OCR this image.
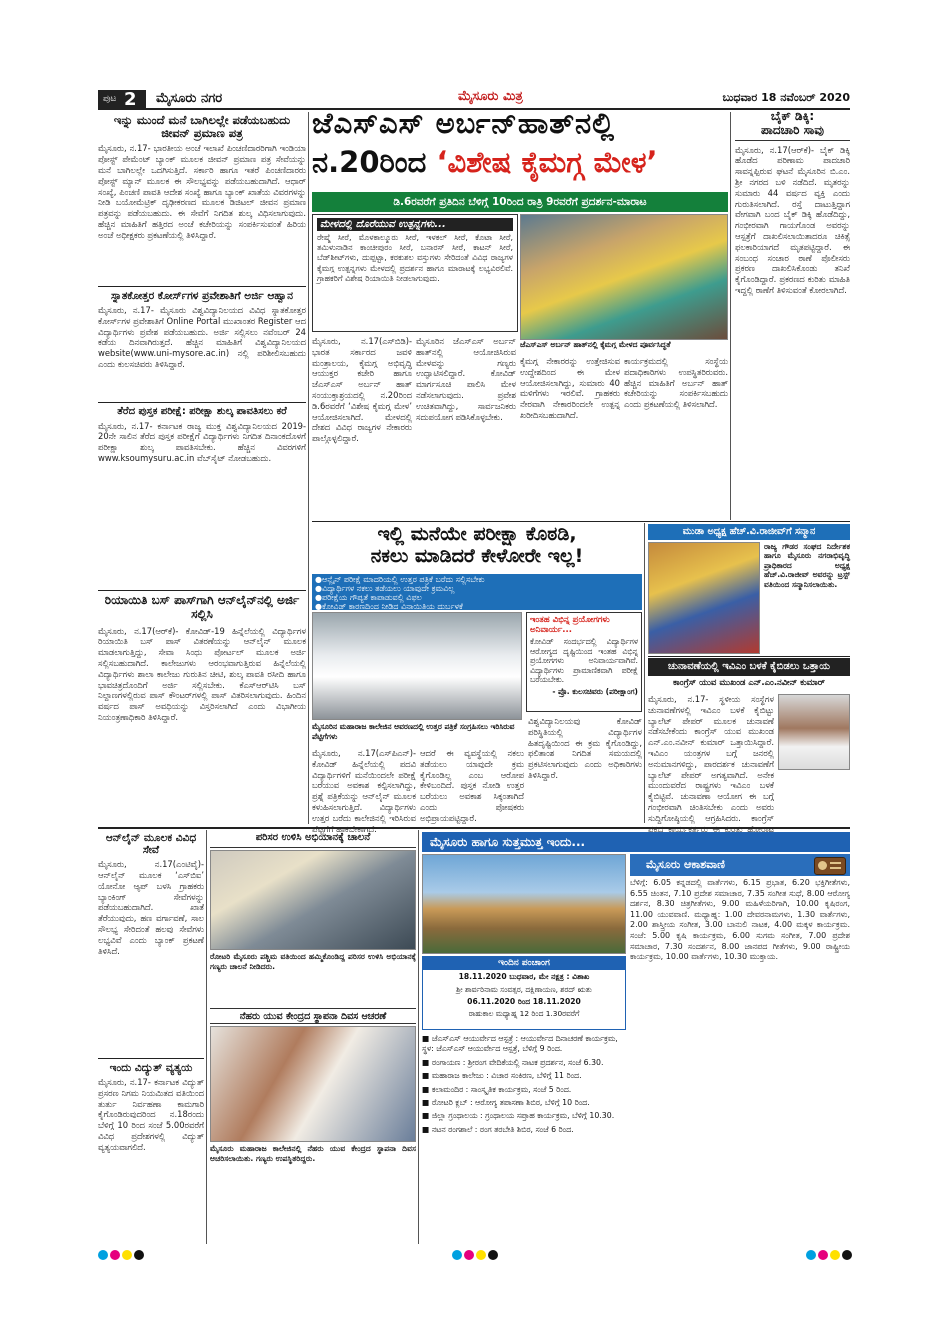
ಪುಟ 2 ಮೈಸೂರು ನಗರ	ಮೈಸೂರು ಮಿತ್ರ	ಬುಧವಾರ 18 ನವೆಂಬರ್ 2020
ಇನ್ನು ಮುಂದೆ ಮನೆ ಬಾಗಿಲಲ್ಲೇ ಪಡೆಯಬಹುದು ಜೀವನ್ ಪ್ರಮಾಣ ಪತ್ರ
ಮೈಸೂರು, ನ.17- ಭಾರತೀಯ ಅಂಚೆ ಇಲಾಖೆ ಪಿಂಚಣಿದಾರರಿಗಾಗಿ ಇಂಡಿಯಾ ಪೋಸ್ಟ್ ಪೇಮೆಂಟ್ ಬ್ಯಾಂಕ್ ಮೂಲಕ ಜೀವನ್ ಪ್ರಮಾಣ ಪತ್ರ ಸೇವೆಯನ್ನು ಮನೆ ಬಾಗಿಲಲ್ಲೇ ಒದಗಿಸುತ್ತಿದೆ. ಸರ್ಕಾರಿ ಹಾಗೂ ಇತರೆ ಪಿಂಚಣಿದಾರರು ಪೋಸ್ಟ್ ಮ್ಯಾನ್ ಮೂಲಕ ಈ ಸೌಲಭ್ಯವನ್ನು ಪಡೆಯಬಹುದಾಗಿದೆ. ಆಧಾರ್ ಸಂಖ್ಯೆ, ಪಿಂಚಣಿ ಪಾವತಿ ಆದೇಶ ಸಂಖ್ಯೆ ಹಾಗೂ ಬ್ಯಾಂಕ್ ಖಾತೆಯ ವಿವರಗಳನ್ನು ನೀಡಿ ಬಯೋಮೆಟ್ರಿಕ್ ದೃಢೀಕರಣದ ಮೂಲಕ ಡಿಜಿಟಲ್ ಜೀವನ ಪ್ರಮಾಣ ಪತ್ರವನ್ನು ಪಡೆಯಬಹುದು. ಈ ಸೇವೆಗೆ ನಿಗದಿತ ಶುಲ್ಕ ವಿಧಿಸಲಾಗುವುದು. ಹೆಚ್ಚಿನ ಮಾಹಿತಿಗೆ ಹತ್ತಿರದ ಅಂಚೆ ಕಚೇರಿಯನ್ನು ಸಂಪರ್ಕಿಸುವಂತೆ ಹಿರಿಯ ಅಂಚೆ ಅಧೀಕ್ಷಕರು ಪ್ರಕಟಣೆಯಲ್ಲಿ ತಿಳಿಸಿದ್ದಾರೆ.
ಸ್ನಾತಕೋತ್ತರ ಕೋರ್ಸ್‌ಗಳ ಪ್ರವೇಶಾತಿಗೆ ಅರ್ಜಿ ಆಹ್ವಾನ
ಮೈಸೂರು, ನ.17- ಮೈಸೂರು ವಿಶ್ವವಿದ್ಯಾನಿಲಯದ ವಿವಿಧ ಸ್ನಾತಕೋತ್ತರ ಕೋರ್ಸ್‌ಗಳ ಪ್ರವೇಶಾತಿಗೆ Online Portal ಮುಖಾಂತರ Register ಆದ ವಿದ್ಯಾರ್ಥಿಗಳು ಪ್ರವೇಶ ಪಡೆಯಬಹುದು. ಅರ್ಜಿ ಸಲ್ಲಿಸಲು ನವೆಂಬರ್ 24 ಕಡೆಯ ದಿನವಾಗಿರುತ್ತದೆ. ಹೆಚ್ಚಿನ ಮಾಹಿತಿಗೆ ವಿಶ್ವವಿದ್ಯಾನಿಲಯದ website(www.uni-mysore.ac.in) ನಲ್ಲಿ ಪರಿಶೀಲಿಸಬಹುದು ಎಂದು ಕುಲಸಚಿವರು ತಿಳಿಸಿದ್ದಾರೆ.
ತೆರೆದ ಪುಸ್ತಕ ಪರೀಕ್ಷೆ: ಪರೀಕ್ಷಾ ಶುಲ್ಕ ಪಾವತಿಸಲು ಕರೆ
ಮೈಸೂರು, ನ.17- ಕರ್ನಾಟಕ ರಾಜ್ಯ ಮುಕ್ತ ವಿಶ್ವವಿದ್ಯಾನಿಲಯದ 2019-20ನೇ ಸಾಲಿನ ತೆರೆದ ಪುಸ್ತಕ ಪರೀಕ್ಷೆಗೆ ವಿದ್ಯಾರ್ಥಿಗಳು ನಿಗದಿತ ದಿನಾಂಕದೊಳಗೆ ಪರೀಕ್ಷಾ ಶುಲ್ಕ ಪಾವತಿಸಬೇಕು. ಹೆಚ್ಚಿನ ವಿವರಗಳಿಗೆ www.ksoumysuru.ac.in ವೆಬ್‌ಸೈಟ್ ನೋಡಬಹುದು.
ರಿಯಾಯಿತಿ ಬಸ್ ಪಾಸ್‌ಗಾಗಿ ಆನ್‌ಲೈನ್‌ನಲ್ಲಿ ಅರ್ಜಿ ಸಲ್ಲಿಸಿ
ಮೈಸೂರು, ನ.17(ಆರ್‌ಕೆ)- ಕೋವಿಡ್-19 ಹಿನ್ನೆಲೆಯಲ್ಲಿ ವಿದ್ಯಾರ್ಥಿಗಳ ರಿಯಾಯಿತಿ ಬಸ್ ಪಾಸ್ ವಿತರಣೆಯನ್ನು ಆನ್‌ಲೈನ್ ಮೂಲಕ ಮಾಡಲಾಗುತ್ತಿದ್ದು, ಸೇವಾ ಸಿಂಧು ಪೋರ್ಟಲ್ ಮೂಲಕ ಅರ್ಜಿ ಸಲ್ಲಿಸಬಹುದಾಗಿದೆ. ಕಾಲೇಜುಗಳು ಆರಂಭವಾಗುತ್ತಿರುವ ಹಿನ್ನೆಲೆಯಲ್ಲಿ ವಿದ್ಯಾರ್ಥಿಗಳು ಶಾಲಾ ಕಾಲೇಜು ಗುರುತಿನ ಚೀಟಿ, ಶುಲ್ಕ ಪಾವತಿ ರಸೀದಿ ಹಾಗೂ ಭಾವಚಿತ್ರದೊಂದಿಗೆ ಅರ್ಜಿ ಸಲ್ಲಿಸಬೇಕು. ಕೆಎಸ್‌ಆರ್‌ಟಿಸಿ ಬಸ್ ನಿಲ್ದಾಣಗಳಲ್ಲಿರುವ ಪಾಸ್ ಕೌಂಟರ್‌ಗಳಲ್ಲಿ ಪಾಸ್ ವಿತರಿಸಲಾಗುವುದು. ಹಿಂದಿನ ವರ್ಷದ ಪಾಸ್ ಅವಧಿಯನ್ನು ವಿಸ್ತರಿಸಲಾಗಿದೆ ಎಂದು ವಿಭಾಗೀಯ ನಿಯಂತ್ರಣಾಧಿಕಾರಿ ತಿಳಿಸಿದ್ದಾರೆ.
ಜೆಎಸ್ಎಸ್ ಅರ್ಬನ್‌ಹಾತ್‌ನಲ್ಲಿ
ನ.20ರಿಂದ ‘ವಿಶೇಷ ಕೈಮಗ್ಗ ಮೇಳ’
ಡಿ.6ರವರೆಗೆ ಪ್ರತಿದಿನ ಬೆಳಿಗ್ಗೆ 10ರಿಂದ ರಾತ್ರಿ 9ರವರೆಗೆ ಪ್ರದರ್ಶನ-ಮಾರಾಟ
ಮೇಳದಲ್ಲಿ ದೊರೆಯುವ ಉತ್ಪನ್ನಗಳು...
ರೇಷ್ಮೆ ಸೀರೆ, ಮೊಳಕಾಲ್ಮೂರು ಸೀರೆ, ಇಳಕಲ್ ಸೀರೆ, ಕೊಟಾ ಸೀರೆ, ತಮಿಳುನಾಡಿನ ಕಾಂಚೀಪುರಂ ಸೀರೆ, ಬನಾರಸ್ ಸೀರೆ, ಕಾಟನ್ ಸೀರೆ, ಬೆಡ್‌ಶೀಟ್‌ಗಳು, ದುಪ್ಪಟ್ಟಾ, ಕರಕುಶಲ ವಸ್ತುಗಳು ಸೇರಿದಂತೆ ವಿವಿಧ ರಾಜ್ಯಗಳ ಕೈಮಗ್ಗ ಉತ್ಪನ್ನಗಳು ಮೇಳದಲ್ಲಿ ಪ್ರದರ್ಶನ ಹಾಗೂ ಮಾರಾಟಕ್ಕೆ ಲಭ್ಯವಿರಲಿವೆ. ಗ್ರಾಹಕರಿಗೆ ವಿಶೇಷ ರಿಯಾಯಿತಿ ನೀಡಲಾಗುವುದು.
ಜೆಎಸ್‌ಎಸ್ ಅರ್ಬನ್ ಹಾತ್‌ನಲ್ಲಿ ಕೈಮಗ್ಗ ಮೇಳದ ಪೂರ್ವಸಿದ್ಧತೆ
ಮೈಸೂರು, ನ.17(ಎಸ್‌ಬಿಡಿ)- ಭಾರತ ಸರ್ಕಾರದ ಜವಳಿ ಮಂತ್ರಾಲಯ, ಕೈಮಗ್ಗ ಅಭಿವೃದ್ಧಿ ಆಯುಕ್ತರ ಕಚೇರಿ ಹಾಗೂ ಜೆಎಸ್‌ಎಸ್ ಅರ್ಬನ್ ಹಾತ್ ಸಂಯುಕ್ತಾಶ್ರಯದಲ್ಲಿ ನ.20ರಿಂದ ಡಿ.6ರವರೆಗೆ ‘ವಿಶೇಷ ಕೈಮಗ್ಗ ಮೇಳ’ ಆಯೋಜಿಸಲಾಗಿದೆ. ಮೇಳದಲ್ಲಿ ದೇಶದ ವಿವಿಧ ರಾಜ್ಯಗಳ ನೇಕಾರರು ಪಾಲ್ಗೊಳ್ಳಲಿದ್ದಾರೆ.
ಮೈಸೂರಿನ ಜೆಎಸ್‌ಎಸ್ ಅರ್ಬನ್ ಹಾತ್‌ನಲ್ಲಿ ಆಯೋಜಿಸಿರುವ ಮೇಳವನ್ನು ಗಣ್ಯರು ಉದ್ಘಾಟಿಸಲಿದ್ದಾರೆ. ಕೋವಿಡ್ ಮಾರ್ಗಸೂಚಿ ಪಾಲಿಸಿ ಮೇಳ ನಡೆಸಲಾಗುವುದು. ಪ್ರವೇಶ ಉಚಿತವಾಗಿದ್ದು, ಸಾರ್ವಜನಿಕರು ಸದುಪಯೋಗ ಪಡಿಸಿಕೊಳ್ಳಬೇಕು.
ಕೈಮಗ್ಗ ನೇಕಾರರನ್ನು ಉತ್ತೇಜಿಸುವ ಉದ್ದೇಶದಿಂದ ಈ ಮೇಳ ಆಯೋಜಿಸಲಾಗಿದ್ದು, ಸುಮಾರು 40 ಮಳಿಗೆಗಳು ಇರಲಿವೆ. ಗ್ರಾಹಕರು ನೇರವಾಗಿ ನೇಕಾರರಿಂದಲೇ ಉತ್ಪನ್ನ ಖರೀದಿಸಬಹುದಾಗಿದೆ.
ಕಾರ್ಯಕ್ರಮದಲ್ಲಿ ಸಂಸ್ಥೆಯ ಪದಾಧಿಕಾರಿಗಳು ಉಪಸ್ಥಿತರಿರುವರು. ಹೆಚ್ಚಿನ ಮಾಹಿತಿಗೆ ಅರ್ಬನ್ ಹಾತ್ ಕಚೇರಿಯನ್ನು ಸಂಪರ್ಕಿಸಬಹುದು ಎಂದು ಪ್ರಕಟಣೆಯಲ್ಲಿ ತಿಳಿಸಲಾಗಿದೆ.
ಬೈಕ್ ಡಿಕ್ಕಿ:
ಪಾದಚಾರಿ ಸಾವು
ಮೈಸೂರು, ನ.17(ಆರ್‌ಕೆ)- ಬೈಕ್ ಡಿಕ್ಕಿ ಹೊಡೆದ ಪರಿಣಾಮ ಪಾದಚಾರಿ ಸಾವನ್ನಪ್ಪಿರುವ ಘಟನೆ ಮೈಸೂರಿನ ಬಿ.ಎಂ. ಶ್ರೀ ನಗರದ ಬಳಿ ನಡೆದಿದೆ. ಮೃತರನ್ನು ಸುಮಾರು 44 ವರ್ಷದ ವ್ಯಕ್ತಿ ಎಂದು ಗುರುತಿಸಲಾಗಿದೆ. ರಸ್ತೆ ದಾಟುತ್ತಿದ್ದಾಗ ವೇಗವಾಗಿ ಬಂದ ಬೈಕ್ ಡಿಕ್ಕಿ ಹೊಡೆದಿದ್ದು, ಗಂಭೀರವಾಗಿ ಗಾಯಗೊಂಡ ಅವರನ್ನು ಆಸ್ಪತ್ರೆಗೆ ದಾಖಲಿಸಲಾಯಿತಾದರೂ ಚಿಕಿತ್ಸೆ ಫಲಕಾರಿಯಾಗದೆ ಮೃತಪಟ್ಟಿದ್ದಾರೆ. ಈ ಸಂಬಂಧ ಸಂಚಾರ ಠಾಣೆ ಪೊಲೀಸರು ಪ್ರಕರಣ ದಾಖಲಿಸಿಕೊಂಡು ತನಿಖೆ ಕೈಗೊಂಡಿದ್ದಾರೆ. ಪ್ರಕರಣದ ಕುರಿತು ಮಾಹಿತಿ ಇದ್ದಲ್ಲಿ ಠಾಣೆಗೆ ತಿಳಿಸುವಂತೆ ಕೋರಲಾಗಿದೆ.
ಇಲ್ಲಿ ಮನೆಯೇ ಪರೀಕ್ಷಾ ಕೊಠಡಿ,
ನಕಲು ಮಾಡಿದರೆ ಕೇಳೋರೇ ಇಲ್ಲ!
●ಆನ್ಲೈನ್ ಪರೀಕ್ಷೆ ಮಾದರಿಯಲ್ಲಿ ಉತ್ತರ ಪತ್ರಿಕೆ ಬರೆದು ಸಲ್ಲಿಸಬೇಕು
●ವಿದ್ಯಾರ್ಥಿಗಳ ನಕಲು ತಡೆಯಲು ಯಾವುದೇ ಕ್ರಮವಿಲ್ಲ
●ಪರೀಕ್ಷೆಯ ಗೌಪ್ಯತೆ ಕಾಪಾಡುವಲ್ಲಿ ವಿಫಲ
●ಕೋವಿಡ್ ಕಾರಣದಿಂದ ನೀಡಿದ ವಿನಾಯಿತಿಯ ದುರ್ಬಳಕೆ
ಮೈಸೂರಿನ ಮಹಾರಾಜ ಕಾಲೇಜಿನ ಆವರಣದಲ್ಲಿ ಉತ್ತರ ಪತ್ರಿಕೆ ಸಂಗ್ರಹಿಸಲು ಇರಿಸಿರುವ ಪೆಟ್ಟಿಗೆಗಳು
ಇಂತಹ ವಿಭಿನ್ನ ಪ್ರಯೋಗಗಳು ಅನಿವಾರ್ಯ...
ಕೋವಿಡ್ ಸಂದರ್ಭದಲ್ಲಿ ವಿದ್ಯಾರ್ಥಿಗಳ ಆರೋಗ್ಯದ ದೃಷ್ಟಿಯಿಂದ ಇಂತಹ ವಿಭಿನ್ನ ಪ್ರಯೋಗಗಳು ಅನಿವಾರ್ಯವಾಗಿವೆ. ವಿದ್ಯಾರ್ಥಿಗಳು ಪ್ರಾಮಾಣಿಕವಾಗಿ ಪರೀಕ್ಷೆ ಬರೆಯಬೇಕು.
- ಪ್ರೊ. ಕುಲಸಚಿವರು (ಪರೀಕ್ಷಾಂಗ)
ಮೈಸೂರು, ನ.17(ಎಸ್‌ಪಿಎನ್)- ಕೋವಿಡ್ ಹಿನ್ನೆಲೆಯಲ್ಲಿ ಪದವಿ ವಿದ್ಯಾರ್ಥಿಗಳಿಗೆ ಮನೆಯಿಂದಲೇ ಪರೀಕ್ಷೆ ಬರೆಯುವ ಅವಕಾಶ ಕಲ್ಪಿಸಲಾಗಿದ್ದು, ಪ್ರಶ್ನೆ ಪತ್ರಿಕೆಯನ್ನು ಆನ್‌ಲೈನ್ ಮೂಲಕ ಕಳುಹಿಸಲಾಗುತ್ತಿದೆ. ವಿದ್ಯಾರ್ಥಿಗಳು ಉತ್ತರ ಬರೆದು ಕಾಲೇಜಿನಲ್ಲಿ ಇರಿಸಿರುವ
ಆದರೆ ಈ ವ್ಯವಸ್ಥೆಯಲ್ಲಿ ನಕಲು ತಡೆಯಲು ಯಾವುದೇ ಕ್ರಮ ಕೈಗೊಂಡಿಲ್ಲ ಎಂಬ ಆರೋಪ ಕೇಳಿಬಂದಿದೆ. ಪುಸ್ತಕ ನೋಡಿ ಉತ್ತರ ಬರೆಯಲು ಅವಕಾಶ ಸಿಕ್ಕಂತಾಗಿದೆ ಎಂದು ಪೋಷಕರು ಅಭಿಪ್ರಾಯಪಟ್ಟಿದ್ದಾರೆ.
ವಿಶ್ವವಿದ್ಯಾನಿಲಯವು ಕೋವಿಡ್ ಪರಿಸ್ಥಿತಿಯಲ್ಲಿ ವಿದ್ಯಾರ್ಥಿಗಳ ಹಿತದೃಷ್ಟಿಯಿಂದ ಈ ಕ್ರಮ ಕೈಗೊಂಡಿದ್ದು, ಫಲಿತಾಂಶ ನಿಗದಿತ ಸಮಯದಲ್ಲಿ ಪ್ರಕಟಿಸಲಾಗುವುದು ಎಂದು ಅಧಿಕಾರಿಗಳು ತಿಳಿಸಿದ್ದಾರೆ.
ಮುಡಾ ಅಧ್ಯಕ್ಷ ಹೆಚ್.ವಿ.ರಾಜೀವ್‌ಗೆ ಸನ್ಮಾನ
ರಾಜ್ಯ ಗೌಡರ ಸಂಘದ ನಿರ್ದೇಶಕ ಹಾಗೂ ಮೈಸೂರು ನಗರಾಭಿವೃದ್ಧಿ ಪ್ರಾಧಿಕಾರದ ಅಧ್ಯಕ್ಷ ಹೆಚ್.ವಿ.ರಾಜೀವ್ ಅವರನ್ನು ಟ್ರಸ್ಟ್ ವತಿಯಿಂದ ಸನ್ಮಾನಿಸಲಾಯಿತು.
ಚುನಾವಣೆಯಲ್ಲಿ ಇವಿಎಂ ಬಳಕೆ ಕೈಬಿಡಲು ಒತ್ತಾಯ
ಕಾಂಗ್ರೆಸ್ ಯುವ ಮುಖಂಡ ಎನ್.ಎಂ.ನವೀನ್ ಕುಮಾರ್
ಮೈಸೂರು, ನ.17- ಸ್ಥಳೀಯ ಸಂಸ್ಥೆಗಳ ಚುನಾವಣೆಗಳಲ್ಲಿ ಇವಿಎಂ ಬಳಕೆ ಕೈಬಿಟ್ಟು ಬ್ಯಾಲೆಟ್ ಪೇಪರ್ ಮೂಲಕ ಚುನಾವಣೆ ನಡೆಸಬೇಕೆಂದು ಕಾಂಗ್ರೆಸ್ ಯುವ ಮುಖಂಡ ಎನ್.ಎಂ.ನವೀನ್ ಕುಮಾರ್ ಒತ್ತಾಯಿಸಿದ್ದಾರೆ. ಇವಿಎಂ ಯಂತ್ರಗಳ ಬಗ್ಗೆ ಜನರಲ್ಲಿ ಅನುಮಾನಗಳಿದ್ದು, ಪಾರದರ್ಶಕ ಚುನಾವಣೆಗೆ ಬ್ಯಾಲೆಟ್ ಪೇಪರ್ ಅಗತ್ಯವಾಗಿದೆ. ಅನೇಕ ಮುಂದುವರೆದ ರಾಷ್ಟ್ರಗಳು ಇವಿಎಂ ಬಳಕೆ ಕೈಬಿಟ್ಟಿವೆ. ಚುನಾವಣಾ ಆಯೋಗ ಈ ಬಗ್ಗೆ ಗಂಭೀರವಾಗಿ ಚಿಂತಿಸಬೇಕು ಎಂದು ಅವರು ಸುದ್ದಿಗೋಷ್ಠಿಯಲ್ಲಿ ಆಗ್ರಹಿಸಿದರು. ಕಾಂಗ್ರೆಸ್
ಆನ್‌ಲೈನ್ ಮೂಲಕ ವಿವಿಧ ಸೇವೆ
ಮೈಸೂರು, ನ.17(ಎಂಟಿವೈ)- ಆನ್‌ಲೈನ್ ಮೂಲಕ ‘ಎಸ್‌ಬಿಐ’ ಯೋನೋ ಆ್ಯಪ್ ಬಳಸಿ ಗ್ರಾಹಕರು ಬ್ಯಾಂಕಿಂಗ್ ಸೇವೆಗಳನ್ನು ಪಡೆಯಬಹುದಾಗಿದೆ. ಖಾತೆ ತೆರೆಯುವುದು, ಹಣ ವರ್ಗಾವಣೆ, ಸಾಲ ಸೌಲಭ್ಯ ಸೇರಿದಂತೆ ಹಲವು ಸೇವೆಗಳು ಲಭ್ಯವಿವೆ ಎಂದು ಬ್ಯಾಂಕ್ ಪ್ರಕಟಣೆ ತಿಳಿಸಿದೆ.
ಇಂದು ವಿದ್ಯುತ್ ವ್ಯತ್ಯಯ
ಮೈಸೂರು, ನ.17- ಕರ್ನಾಟಕ ವಿದ್ಯುತ್ ಪ್ರಸರಣ ನಿಗಮ ನಿಯಮಿತದ ವತಿಯಿಂದ ತುರ್ತು ನಿರ್ವಹಣಾ ಕಾಮಗಾರಿ ಕೈಗೊಂಡಿರುವುದರಿಂದ ನ.18ರಂದು ಬೆಳಿಗ್ಗೆ 10 ರಿಂದ ಸಂಜೆ 5.00ರವರೆಗೆ ವಿವಿಧ ಪ್ರದೇಶಗಳಲ್ಲಿ ವಿದ್ಯುತ್ ವ್ಯತ್ಯಯವಾಗಲಿದೆ.
ಪರಿಸರ ಉಳಿಸಿ ಅಭಿಯಾನಕ್ಕೆ ಚಾಲನೆ
ರೋಟರಿ ಮೈಸೂರು ಪಶ್ಚಿಮ ವತಿಯಿಂದ ಹಮ್ಮಿಕೊಂಡಿದ್ದ ಪರಿಸರ ಉಳಿಸಿ ಅಭಿಯಾನಕ್ಕೆ ಗಣ್ಯರು ಚಾಲನೆ ನೀಡಿದರು.
ನೆಹರು ಯುವ ಕೇಂದ್ರದ ಸ್ಥಾಪನಾ ದಿವಸ ಆಚರಣೆ
ಮೈಸೂರು ಮಹಾರಾಜ ಕಾಲೇಜಿನಲ್ಲಿ ನೆಹರು ಯುವ ಕೇಂದ್ರದ ಸ್ಥಾಪನಾ ದಿವಸ ಆಚರಿಸಲಾಯಿತು. ಗಣ್ಯರು ಉಪಸ್ಥಿತರಿದ್ದರು.
ಮೈಸೂರು ಹಾಗೂ ಸುತ್ತಮುತ್ತ ಇಂದು...
ಇಂದಿನ ಪಂಚಾಂಗ
18.11.2020 ಬುಧವಾರ, ಮೇ ನಕ್ಷತ್ರ : ವಿಶಾಖ
ಶ್ರೀ ಶಾರ್ವರಿನಾಮ ಸಂವತ್ಸರ, ದಕ್ಷಿಣಾಯಣ, ಶರದ್ ಋತು
06.11.2020 ರಿಂದ 18.11.2020
ರಾಹುಕಾಲ ಮಧ್ಯಾಹ್ನ 12 ರಿಂದ 1.30ರವರೆಗೆ
■ ಜೆಎಸ್‌ಎಸ್ ಆಯುರ್ವೇದ ಆಸ್ಪತ್ರೆ : ಆಯುರ್ವೇದ ದಿನಾಚರಣೆ ಕಾರ್ಯಕ್ರಮ, ಸ್ಥಳ: ಜೆಎಸ್‌ಎಸ್ ಆಯುರ್ವೇದ ಆಸ್ಪತ್ರೆ, ಬೆಳಿಗ್ಗೆ 9 ರಿಂದ.
■ ರಂಗಾಯಣ : ಶ್ರೀರಂಗ ವೇದಿಕೆಯಲ್ಲಿ ನಾಟಕ ಪ್ರದರ್ಶನ, ಸಂಜೆ 6.30.
■ ಮಹಾರಾಜ ಕಾಲೇಜು : ವಿಚಾರ ಸಂಕಿರಣ, ಬೆಳಿಗ್ಗೆ 11 ರಿಂದ.
■ ಕಲಾಮಂದಿರ : ಸಾಂಸ್ಕೃತಿಕ ಕಾರ್ಯಕ್ರಮ, ಸಂಜೆ 5 ರಿಂದ.
■ ರೋಟರಿ ಕ್ಲಬ್ : ಆರೋಗ್ಯ ತಪಾಸಣಾ ಶಿಬಿರ, ಬೆಳಿಗ್ಗೆ 10 ರಿಂದ.
■ ಜಿಲ್ಲಾ ಗ್ರಂಥಾಲಯ : ಗ್ರಂಥಾಲಯ ಸಪ್ತಾಹ ಕಾರ್ಯಕ್ರಮ, ಬೆಳಿಗ್ಗೆ 10.30.
■ ನಟನ ರಂಗಶಾಲೆ : ರಂಗ ತರಬೇತಿ ಶಿಬಿರ, ಸಂಜೆ 6 ರಿಂದ.
ಮೈಸೂರು ಆಕಾಶವಾಣಿ
ಬೆಳಿಗ್ಗೆ: 6.05 ಕನ್ನಡದಲ್ಲಿ ವಾರ್ತೆಗಳು, 6.15 ಪ್ರಭಾತ, 6.20 ಭಕ್ತಿಗೀತೆಗಳು, 6.55 ಚಿಂತನ, 7.10 ಪ್ರದೇಶ ಸಮಾಚಾರ, 7.35 ಸಂಗೀತ ಸುಧೆ, 8.00 ಆರೋಗ್ಯ ದರ್ಶನ, 8.30 ಚಿತ್ರಗೀತೆಗಳು, 9.00 ಮಹಿಳೆಯರಿಗಾಗಿ, 10.00 ಕೃಷಿರಂಗ, 11.00 ಯುವವಾಣಿ. ಮಧ್ಯಾಹ್ನ: 1.00 ದೇವರನಾಮಗಳು, 1.30 ವಾರ್ತೆಗಳು, 2.00 ಶಾಸ್ತ್ರೀಯ ಸಂಗೀತ, 3.00 ಬಾನುಲಿ ನಾಟಕ, 4.00 ಮಕ್ಕಳ ಕಾರ್ಯಕ್ರಮ. ಸಂಜೆ: 5.00 ಕೃಷಿ ಕಾರ್ಯಕ್ರಮ, 6.00 ಸುಗಮ ಸಂಗೀತ, 7.00 ಪ್ರದೇಶ ಸಮಾಚಾರ, 7.30 ಸಂದರ್ಶನ, 8.00 ಜಾನಪದ ಗೀತೆಗಳು, 9.00 ರಾಷ್ಟ್ರೀಯ ಕಾರ್ಯಕ್ರಮ, 10.00 ವಾರ್ತೆಗಳು, 10.30 ಮುಕ್ತಾಯ.
